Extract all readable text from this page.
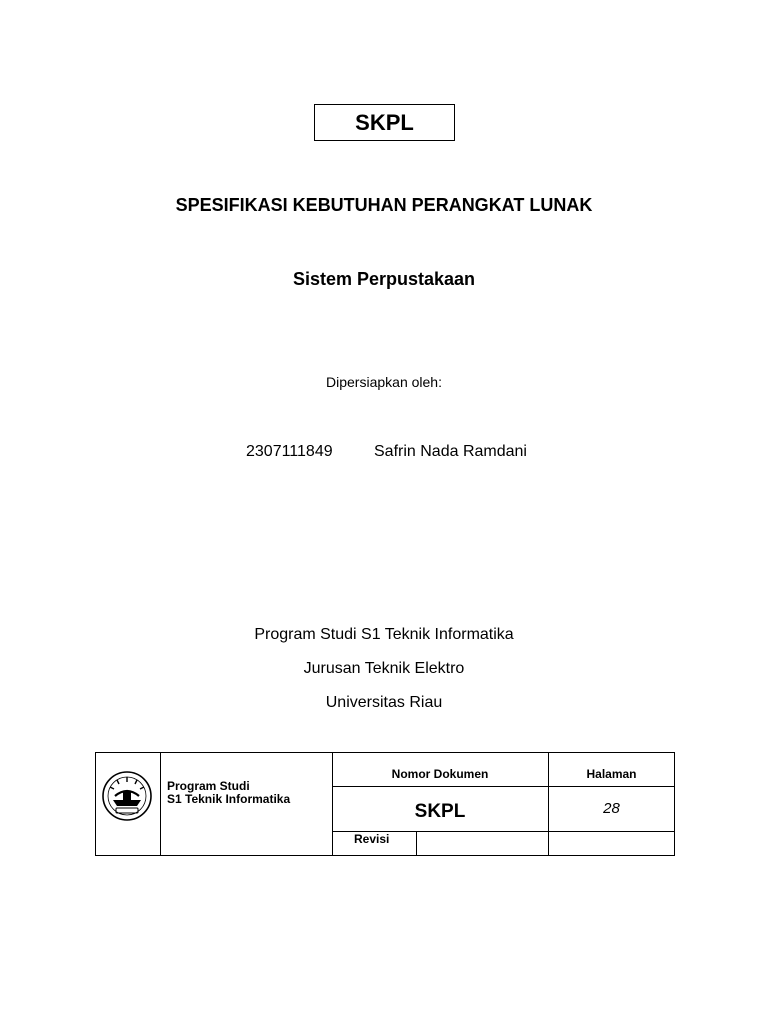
SKPL
SPESIFIKASI KEBUTUHAN PERANGKAT LUNAK
Sistem Perpustakaan
Dipersiapkan oleh:
2307111849	Safrin Nada Ramdani
Program Studi S1 Teknik Informatika
Jurusan Teknik Elektro
Universitas Riau
Program Studi
S1 Teknik Informatika
Nomor Dokumen	Halaman
SKPL	28
Revisi
